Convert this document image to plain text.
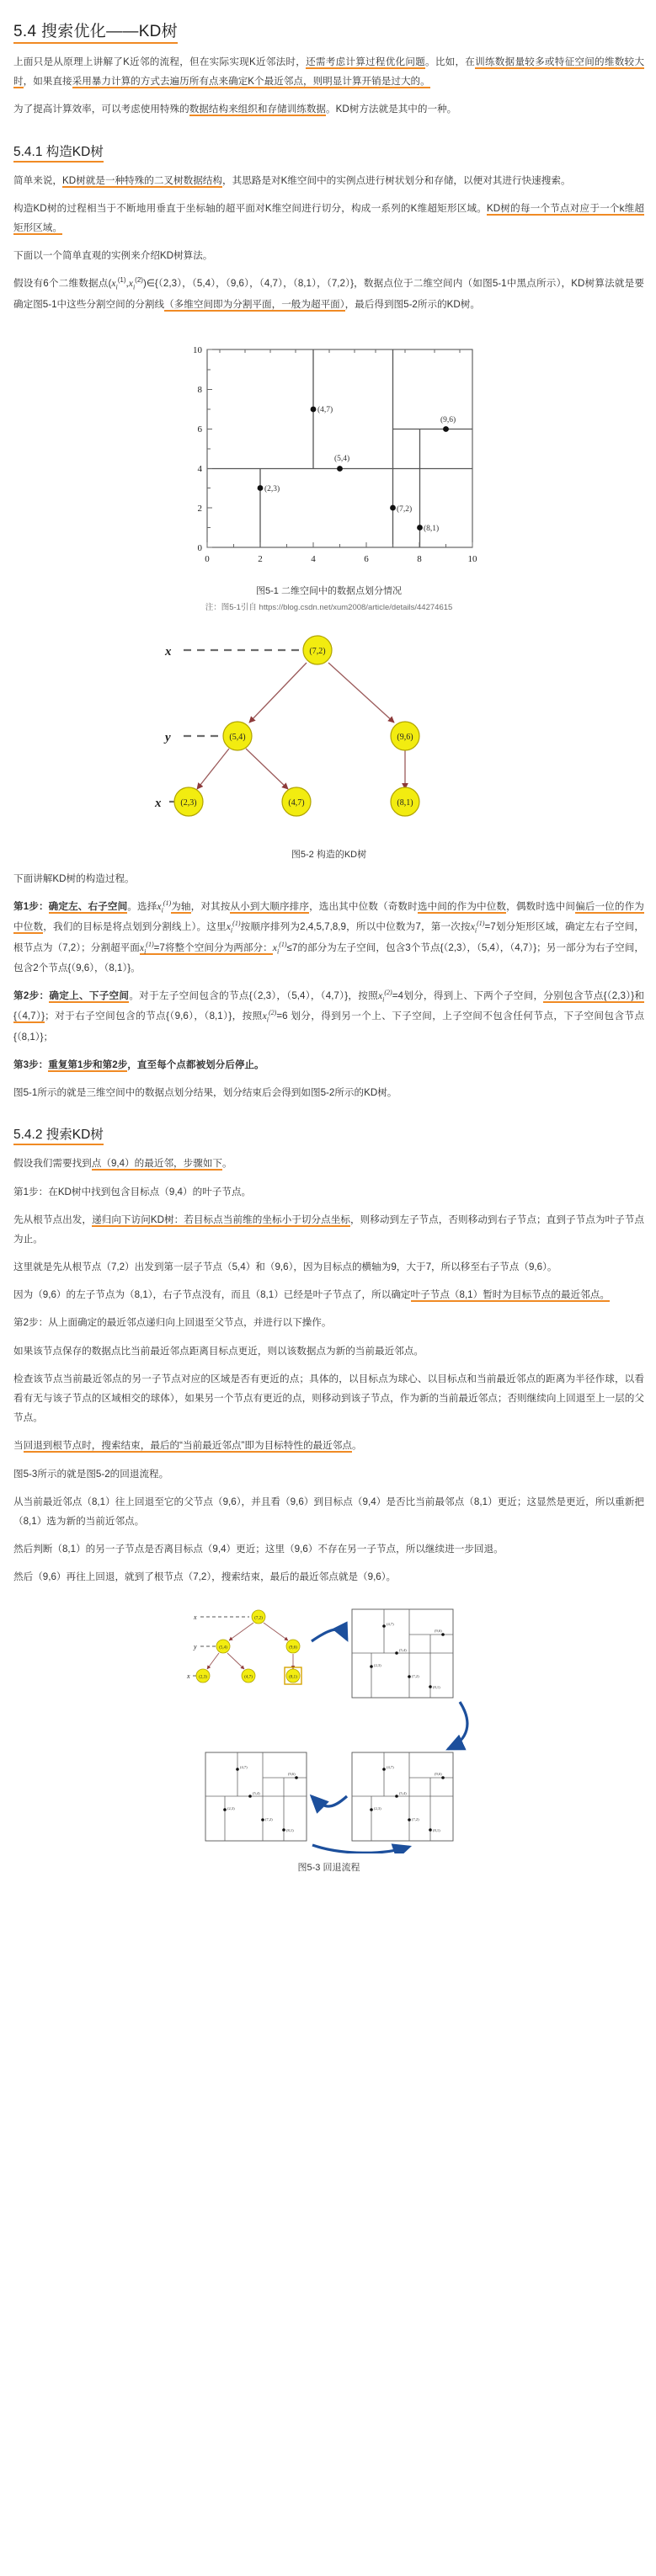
5.4 搜索优化——KD树

上面只是从原理上讲解了K近邻的流程，但在实际实现K近邻法时，还需考虑计算过程优化问题。比如，在训练数据量较多或特征空间的维数较大时，如果直接采用暴力计算的方式去遍历所有点来确定K个最近邻点，则明显计算开销是过大的。

为了提高计算效率，可以考虑使用特殊的数据结构来组织和存储训练数据。KD树方法就是其中的一种。

5.4.1 构造KD树

简单来说，KD树就是一种特殊的二叉树数据结构，其思路是对K维空间中的实例点进行树状划分和存储，以便对其进行快速搜索。

构造KD树的过程相当于不断地用垂直于坐标轴的超平面对K维空间进行切分，构成一系列的K维超矩形区域。KD树的每一个节点对应于一个k维超矩形区域。

下面以一个简单直观的实例来介绍KD树算法。

假设有6个二维数据点$(x_i^{(1)},x_i^{(2)})\in\{(2,3)$，（5,4），（9,6），（4,7），（8,1），（7,2）}，数据点位于二维空间内（如图5-1中黑点所示），KD树算法就是要确定图5-1中这些分割空间的分割线（多维空间即为分割平面，一般为超平面），最后得到图5-2所示的KD树。

(2,3)
(5,4)
(9,6)
(4,7)
(8,1)
(7,2)
0	2	4	6	8	10
0
2
4
6
8
10
图5-1 二维空间中的数据点划分情况
注：图5-1引自 https://blog.csdn.net/xum2008/article/details/44274615
x
y
x
(7,2)
(5,4)	(9,6)
(2,3)	(4,7)	(8,1)
图5-2 构造的KD树

下面讲解KD树的构造过程。

第1步：确定左、右子空间。选择$x_i^{(1)}$为轴，对其按从小到大顺序排序，选出其中位数（奇数时选中间的作为中位数，偶数时选中间偏后一位的作为中位数，我们的目标是将点划到分割线上）。这里$x_i^{(1)}$按顺序排列为2,4,5,7,8,9，所以中位数为7，第一次按$x_i^{(1)}=7$划分矩形区域，确定左右子空间，根节点为（7,2）；分割超平面$x_i^{(1)}=7$将整个空间分为两部分：$x_i^{(1)}\le 7$的部分为左子空间，包含3个节点{（2,3），（5,4），（4,7）}；另一部分为右子空间，包含2个节点{（9,6），（8,1）}。

第2步：确定上、下子空间。对于左子空间包含的节点{（2,3），（5,4），（4,7）}，按照$x_i^{(2)}=4$划分，得到上、下两个子空间，分别包含节点{（2,3）}和{（4,7）}；对于右子空间包含的节点{（9,6），（8,1）}，按照$x_i^{(2)}=6$ 划分，得到另一个上、下子空间，上子空间不包含任何节点，下子空间包含节点{（8,1）}；

第3步：重复第1步和第2步，直至每个点都被划分后停止。

图5-1所示的就是三维空间中的数据点划分结果，划分结束后会得到如图5-2所示的KD树。

5.4.2 搜索KD树

假设我们需要找到点（9,4）的最近邻，步骤如下。

第1步：在KD树中找到包含目标点（9,4）的叶子节点。

先从根节点出发，递归向下访问KD树：若目标点当前维的坐标小于切分点坐标，则移动到左子节点，否则移动到右子节点；直到子节点为叶子节点为止。

这里就是先从根节点（7,2）出发到第一层子节点（5,4）和（9,6），因为目标点的横轴为9，大于7，所以移至右子节点（9,6）。

因为（9,6）的左子节点为（8,1），右子节点没有，而且（8,1）已经是叶子节点了，所以确定叶子节点（8,1）暂时为目标节点的最近邻点。

第2步：从上面确定的最近邻点递归向上回退至父节点，并进行以下操作。

如果该节点保存的数据点比当前最近邻点距离目标点更近，则以该数据点为新的当前最近邻点。

检查该节点当前最近邻点的另一子节点对应的区域是否有更近的点；具体的，以目标点为球心、以目标点和当前最近邻点的距离为半径作球，以看看有无与该子节点的区域相交的球体），如果另一个节点有更近的点，则移动到该子节点，作为新的当前最近邻点；否则继续向上回退至上一层的父节点。

当回退到根节点时，搜索结束，最后的“当前最近邻点”即为目标特性的最近邻点。

图5-3所示的就是图5-2的回退流程。

从当前最近邻点（8,1）往上回退至它的父节点（9,6），并且看（9,6）到目标点（9,4）是否比当前最邻点（8,1）更近；这显然是更近，所以重新把（8,1）选为新的当前近邻点。

然后判断（8,1）的另一子节点是否离目标点（9,4）更近；这里（9,6）不存在另一子节点，所以继续进一步回退。

然后（9,6）再往上回退，就到了根节点（7,2），搜索结束，最后的最近邻点就是（9,6）。

x
y
x
(7,2)
(5,4)	(9,6)
(2,3)	(4,7)	(8,1)
(4,7)
(5,4)
(9,6)
(2,3)
(7,2)
(8,1)
(4,7)
(5,4)
(9,6)
(2,3)
(7,2)
(8,1)
(4,7)
(5,4)
(9,6)
(2,3)
(7,2)
(8,1)
图5-3 回退流程
